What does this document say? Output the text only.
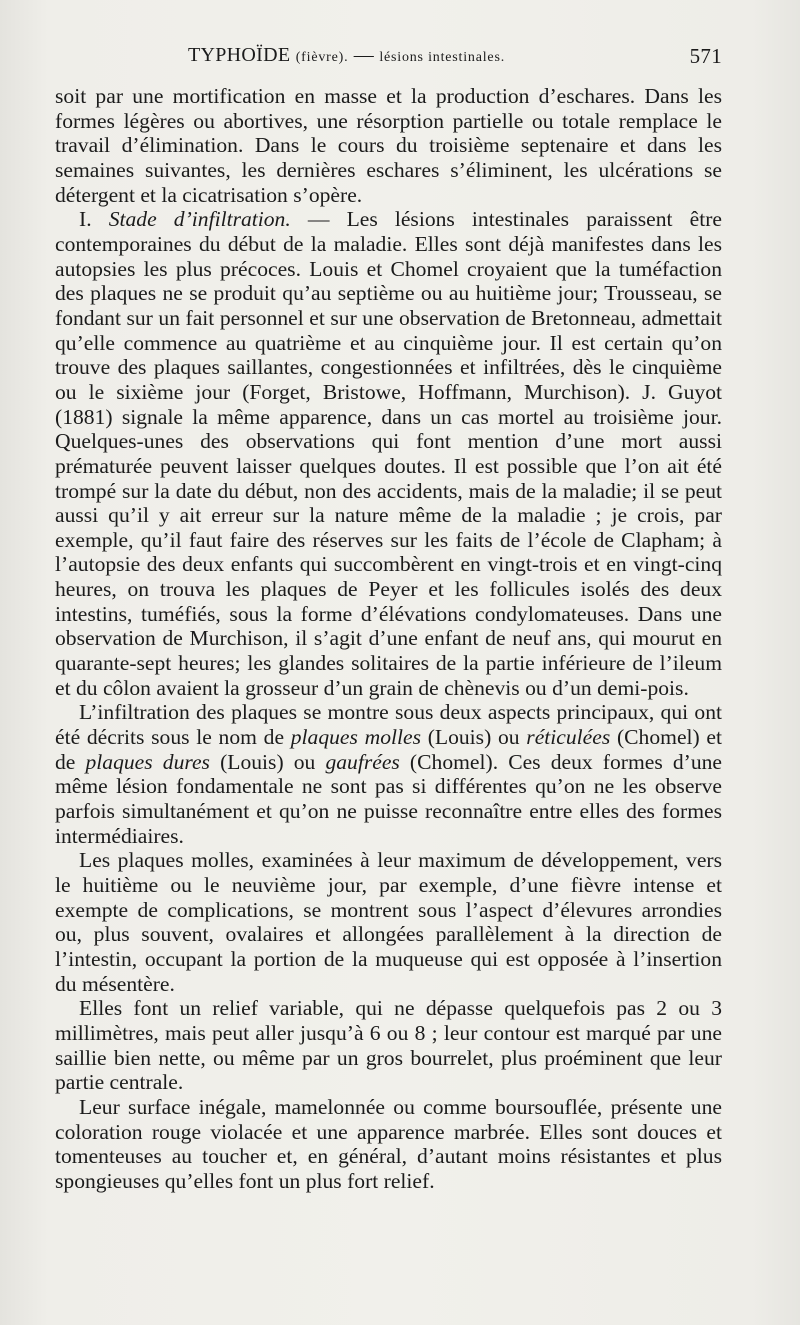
TYPHOÏDE (fièvre). — lésions intestinales.	571

soit par une mortification en masse et la production d’eschares. Dans les formes légères ou abortives, une résorption partielle ou totale remplace le travail d’élimination. Dans le cours du troisième septenaire et dans les semaines suivantes, les dernières eschares s’éliminent, les ulcérations se détergent et la cicatrisation s’opère.

I. Stade d’infiltration. — Les lésions intestinales paraissent être contemporaines du début de la maladie. Elles sont déjà manifestes dans les autopsies les plus précoces. Louis et Chomel croyaient que la tuméfaction des plaques ne se produit qu’au septième ou au huitième jour; Trousseau, se fondant sur un fait personnel et sur une observation de Bretonneau, admettait qu’elle commence au quatrième et au cinquième jour. Il est certain qu’on trouve des plaques saillantes, congestionnées et infiltrées, dès le cinquième ou le sixième jour (Forget, Bristowe, Hoffmann, Murchison). J. Guyot (1881) signale la même apparence, dans un cas mortel au troisième jour. Quelques-unes des observations qui font mention d’une mort aussi prématurée peuvent laisser quelques doutes. Il est possible que l’on ait été trompé sur la date du début, non des accidents, mais de la maladie; il se peut aussi qu’il y ait erreur sur la nature même de la maladie ; je crois, par exemple, qu’il faut faire des réserves sur les faits de l’école de Clapham; à l’autopsie des deux enfants qui succombèrent en vingt-trois et en vingt-cinq heures, on trouva les plaques de Peyer et les follicules isolés des deux intestins, tuméfiés, sous la forme d’élévations condylomateuses. Dans une observation de Murchison, il s’agit d’une enfant de neuf ans, qui mourut en quarante-sept heures; les glandes solitaires de la partie inférieure de l’ileum et du côlon avaient la grosseur d’un grain de chènevis ou d’un demi-pois.

L’infiltration des plaques se montre sous deux aspects principaux, qui ont été décrits sous le nom de plaques molles (Louis) ou réticulées (Chomel) et de plaques dures (Louis) ou gaufrées (Chomel). Ces deux formes d’une même lésion fondamentale ne sont pas si différentes qu’on ne les observe parfois simultanément et qu’on ne puisse reconnaître entre elles des formes intermédiaires.

Les plaques molles, examinées à leur maximum de développement, vers le huitième ou le neuvième jour, par exemple, d’une fièvre intense et exempte de complications, se montrent sous l’aspect d’élevures arrondies ou, plus souvent, ovalaires et allongées parallèlement à la direction de l’intestin, occupant la portion de la muqueuse qui est opposée à l’insertion du mésentère.

Elles font un relief variable, qui ne dépasse quelquefois pas 2 ou 3 millimètres, mais peut aller jusqu’à 6 ou 8 ; leur contour est marqué par une saillie bien nette, ou même par un gros bourrelet, plus proéminent que leur partie centrale.

Leur surface inégale, mamelonnée ou comme boursouflée, présente une coloration rouge violacée et une apparence marbrée. Elles sont douces et tomenteuses au toucher et, en général, d’autant moins résistantes et plus spongieuses qu’elles font un plus fort relief.
